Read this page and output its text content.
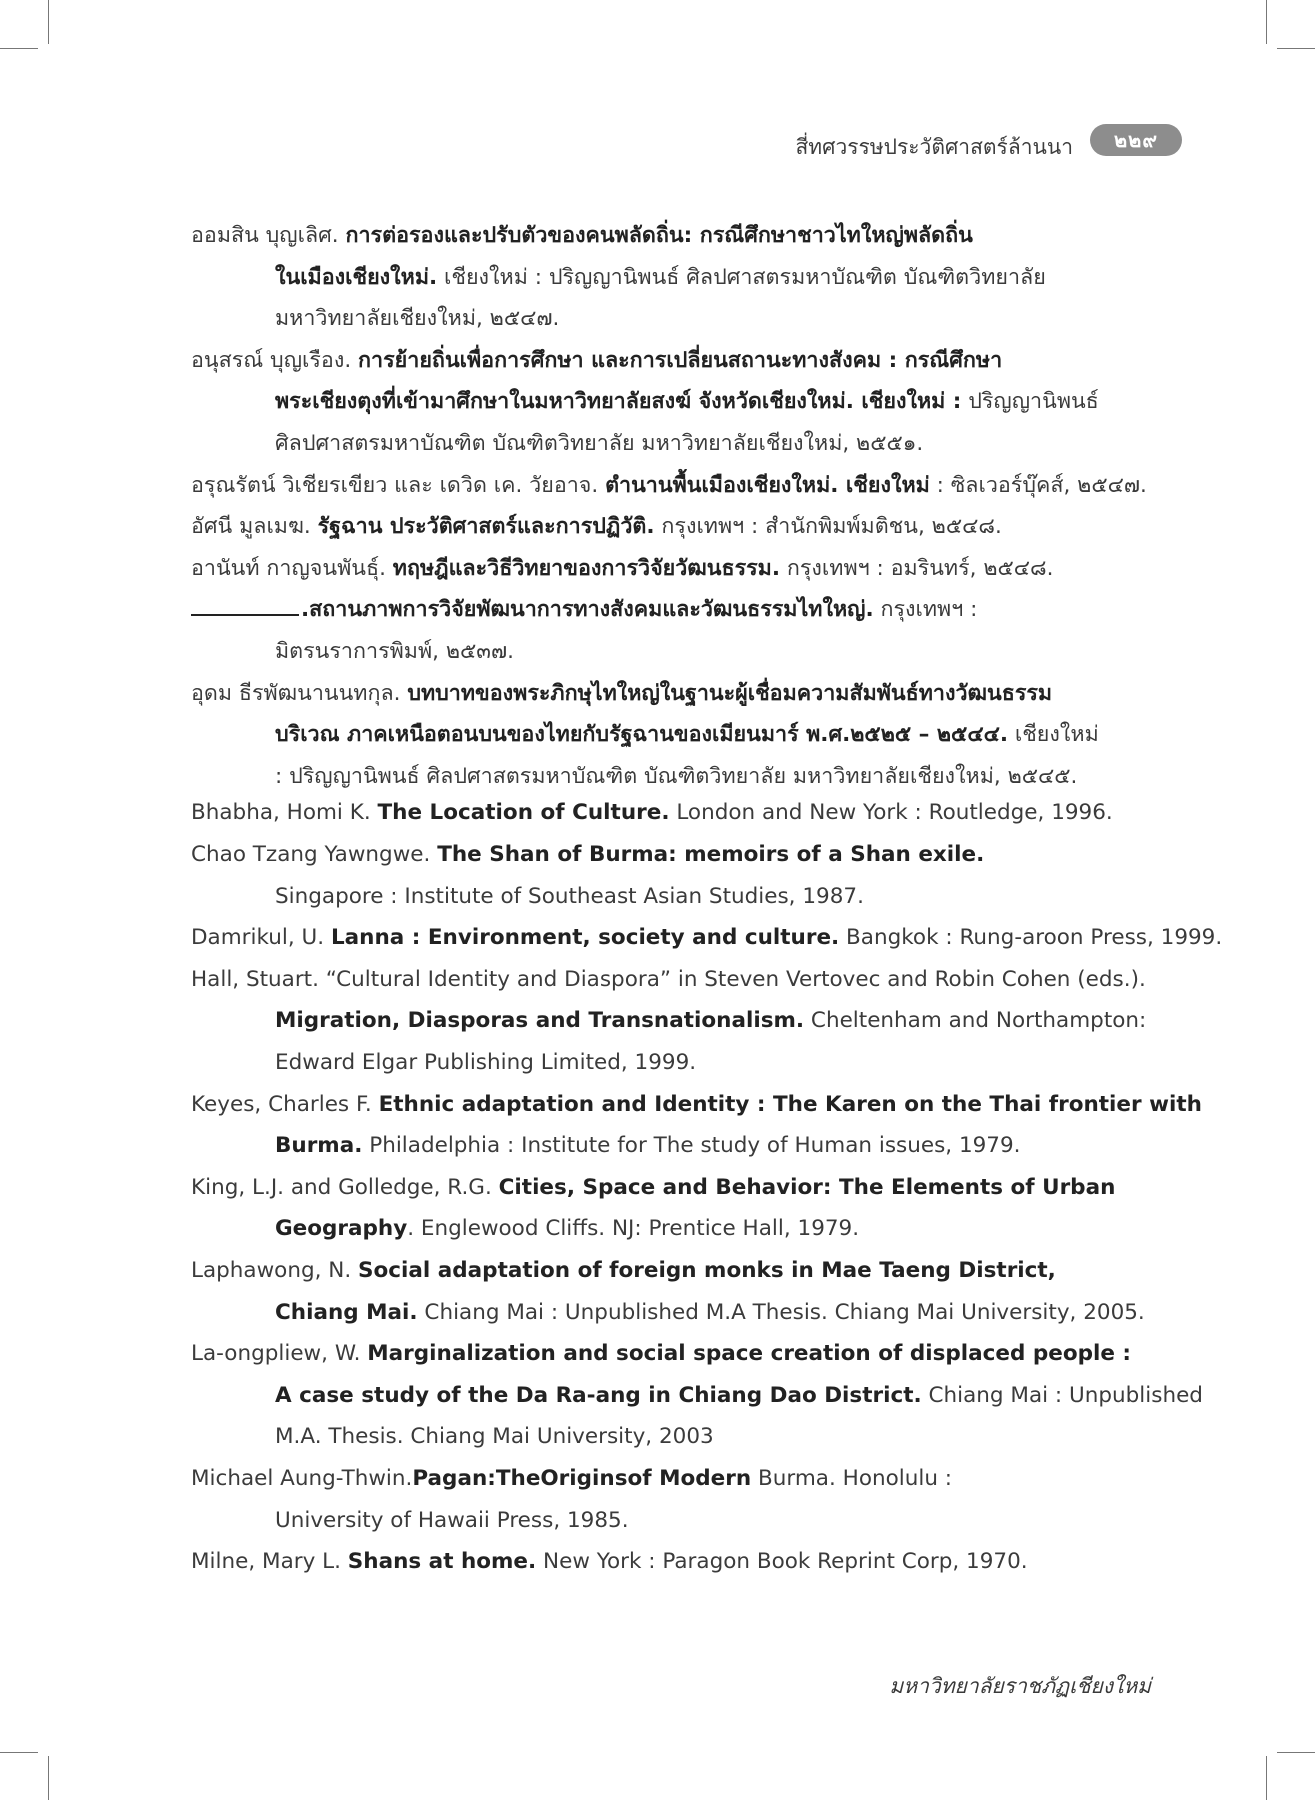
สี่ทศวรรษประวัติศาสตร์ล้านนา	๒๒๙
ออมสิน บุญเลิศ. การต่อรองและปรับตัวของคนพลัดถิ่น: กรณีศึกษาชาวไทใหญ่พลัดถิ่น
ในเมืองเชียงใหม่. เชียงใหม่ : ปริญญานิพนธ์ ศิลปศาสตรมหาบัณฑิต บัณฑิตวิทยาลัย
มหาวิทยาลัยเชียงใหม่, ๒๕๔๗.
อนุสรณ์ บุญเรือง. การย้ายถิ่นเพื่อการศึกษา และการเปลี่ยนสถานะทางสังคม : กรณีศึกษา
พระเชียงตุงที่เข้ามาศึกษาในมหาวิทยาลัยสงฆ์ จังหวัดเชียงใหม่. เชียงใหม่ : ปริญญานิพนธ์
ศิลปศาสตรมหาบัณฑิต บัณฑิตวิทยาลัย มหาวิทยาลัยเชียงใหม่, ๒๕๕๑.
อรุณรัตน์ วิเชียรเขียว และ เดวิด เค. วัยอาจ. ตำนานพื้นเมืองเชียงใหม่. เชียงใหม่ : ซิลเวอร์บุ๊คส์, ๒๕๔๗.
อัศนี มูลเมฆ. รัฐฉาน ประวัติศาสตร์และการปฏิวัติ. กรุงเทพฯ : สำนักพิมพ์มติชน, ๒๕๔๘.
อานันท์ กาญจนพันธุ์. ทฤษฎีและวิธีวิทยาของการวิจัยวัฒนธรรม. กรุงเทพฯ : อมรินทร์, ๒๕๔๘.
.สถานภาพการวิจัยพัฒนาการทางสังคมและวัฒนธรรมไทใหญ่. กรุงเทพฯ :
มิตรนราการพิมพ์, ๒๕๓๗.
อุดม ธีรพัฒนานนทกุล. บทบาทของพระภิกษุไทใหญ่ในฐานะผู้เชื่อมความสัมพันธ์ทางวัฒนธรรม
บริเวณ ภาคเหนือตอนบนของไทยกับรัฐฉานของเมียนมาร์ พ.ศ.๒๕๒๕ – ๒๕๔๔. เชียงใหม่
: ปริญญานิพนธ์ ศิลปศาสตรมหาบัณฑิต บัณฑิตวิทยาลัย มหาวิทยาลัยเชียงใหม่, ๒๕๔๕.
Bhabha, Homi K. The Location of Culture. London and New York : Routledge, 1996.
Chao Tzang Yawngwe. The Shan of Burma: memoirs of a Shan exile.
Singapore : Institute of Southeast Asian Studies, 1987.
Damrikul, U. Lanna : Environment, society and culture. Bangkok : Rung-aroon Press, 1999.
Hall, Stuart. “Cultural Identity and Diaspora” in Steven Vertovec and Robin Cohen (eds.).
Migration, Diasporas and Transnationalism. Cheltenham and Northampton:
Edward Elgar Publishing Limited, 1999.
Keyes, Charles F. Ethnic adaptation and Identity : The Karen on the Thai frontier with
Burma. Philadelphia : Institute for The study of Human issues, 1979.
King, L.J. and Golledge, R.G. Cities, Space and Behavior: The Elements of Urban
Geography. Englewood Cliffs. NJ: Prentice Hall, 1979.
Laphawong, N. Social adaptation of foreign monks in Mae Taeng District,
Chiang Mai. Chiang Mai : Unpublished M.A Thesis. Chiang Mai University, 2005.
La-ongpliew, W. Marginalization and social space creation of displaced people :
A case study of the Da Ra-ang in Chiang Dao District. Chiang Mai : Unpublished
M.A. Thesis. Chiang Mai University, 2003
Michael Aung-Thwin.Pagan:TheOriginsof Modern Burma. Honolulu :
University of Hawaii Press, 1985.
Milne, Mary L. Shans at home. New York : Paragon Book Reprint Corp, 1970.
มหาวิทยาลัยราชภัฏเชียงใหม่
